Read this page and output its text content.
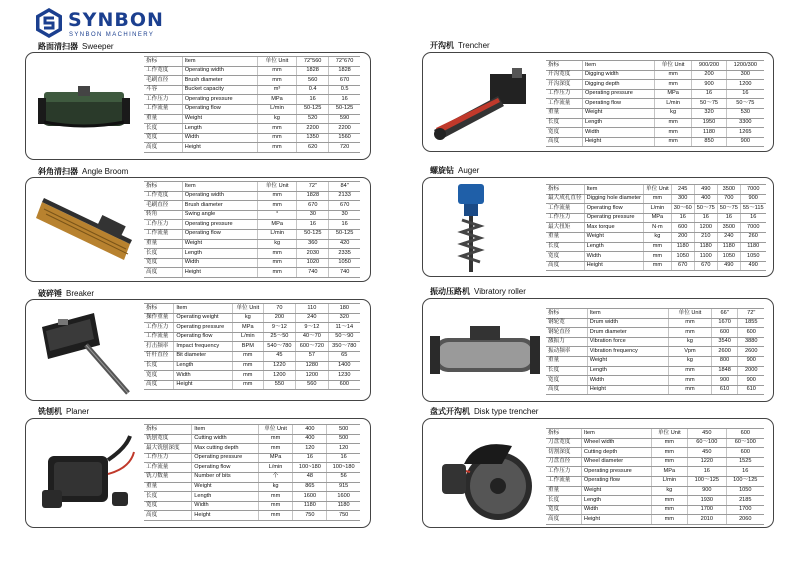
SYNBON
SYNBON MACHINERY
路面清扫器 Sweeper
指标	Item	单位 Unit	72"560	72"670
工作宽度	Operating width	mm	1828	1828
毛刷直径	Brush diameter	mm	560	670
斗容	Bucket capacity	m³	0.4	0.5
工作压力	Operating pressure	MPa	16	16
工作流量	Operating flow	L/min	50-125	50-125
重量	Weight	kg	520	590
长度	Length	mm	2200	2200
宽度	Width	mm	1350	1560
高度	Height	mm	620	720
斜角清扫器 Angle Broom
指标	Item	单位 Unit	72"	84"
工作宽度	Operating width	mm	1828	2133
毛刷直径	Brush diameter	mm	670	670
转角	Swing angle	°	30	30
工作压力	Operating pressure	MPa	16	16
工作流量	Operating flow	L/min	50-125	50-125
重量	Weight	kg	360	420
长度	Length	mm	2030	2335
宽度	Width	mm	1020	1050
高度	Height	mm	740	740
破碎锤 Breaker
指标	Item	单位 Unit	70	110	180
操作重量	Operating weight	kg	200	240	320
工作压力	Operating pressure	MPa	9～12	9～12	11～14
工作流量	Operating flow	L/min	25～50	40～70	50～90
打击频率	Impact frequency	BPM	540～780	600～720	350～780
钎杆直径	Bit diameter	mm	45	57	65
长度	Length	mm	1220	1280	1400
宽度	Width	mm	1200	1200	1230
高度	Height	mm	550	560	600
铣刨机 Planer
指标	Item	单位 Unit	400	500
铣刨宽度	Cutting width	mm	400	500
最大铣刨深度	Max cutting depth	mm	120	120
工作压力	Operating pressure	MPa	16	16
工作流量	Operating flow	L/min	100~180	100~180
铣刀数量	Number of bits	个	48	56
重量	Weight	kg	865	915
长度	Length	mm	1600	1600
宽度	Width	mm	1180	1180
高度	Height	mm	750	750
开沟机 Trencher
指标	Item	单位 Unit	900/200	1200/300
开沟宽度	Digging width	mm	200	300
开沟深度	Digging depth	mm	900	1200
工作压力	Operating pressure	MPa	16	16
工作流量	Operating flow	L/min	50～75	50～75
重量	Weight	kg	320	530
长度	Length	mm	1950	3300
宽度	Width	mm	1180	1265
高度	Height	mm	850	900
螺旋钻 Auger
指标	Item	单位 Unit	245	490	3500	7000
最大成孔直径	Digging hole diameter	mm	300	400	700	900
工作流量	Operating flow	L/min	30～60	50～75	50～75	55～115
工作压力	Operating pressure	MPa	16	16	16	16
最大扭矩	Max torque	N·m	600	1200	3500	7000
重量	Weight	kg	200	210	240	260
长度	Length	mm	1180	1180	1180	1180
宽度	Width	mm	1050	1100	1050	1050
高度	Height	mm	670	670	490	490
振动压路机 Vibratory roller
指标	Item	单位 Unit	66"	72"
钢轮宽	Drum width	mm	1670	1855
钢轮直径	Drum diameter	mm	600	600
激振力	Vibration force	kg	3540	3880
振动频率	Vibration frequency	Vpm	2600	2600
重量	Weight	kg	800	900
长度	Length	mm	1848	2000
宽度	Width	mm	900	900
高度	Height	mm	610	610
盘式开沟机 Disk type trencher
指标	Item	单位 Unit	450	600
刀盘宽度	Wheel width	mm	60～100	60～100
切割深度	Cutting depth	mm	450	600
刀盘直径	Wheel diameter	mm	1220	1525
工作压力	Operating pressure	MPa	16	16
工作流量	Operating flow	L/min	100～125	100～125
重量	Weight	kg	900	1050
长度	Length	mm	1930	2185
宽度	Width	mm	1700	1700
高度	Height	mm	2010	2060
